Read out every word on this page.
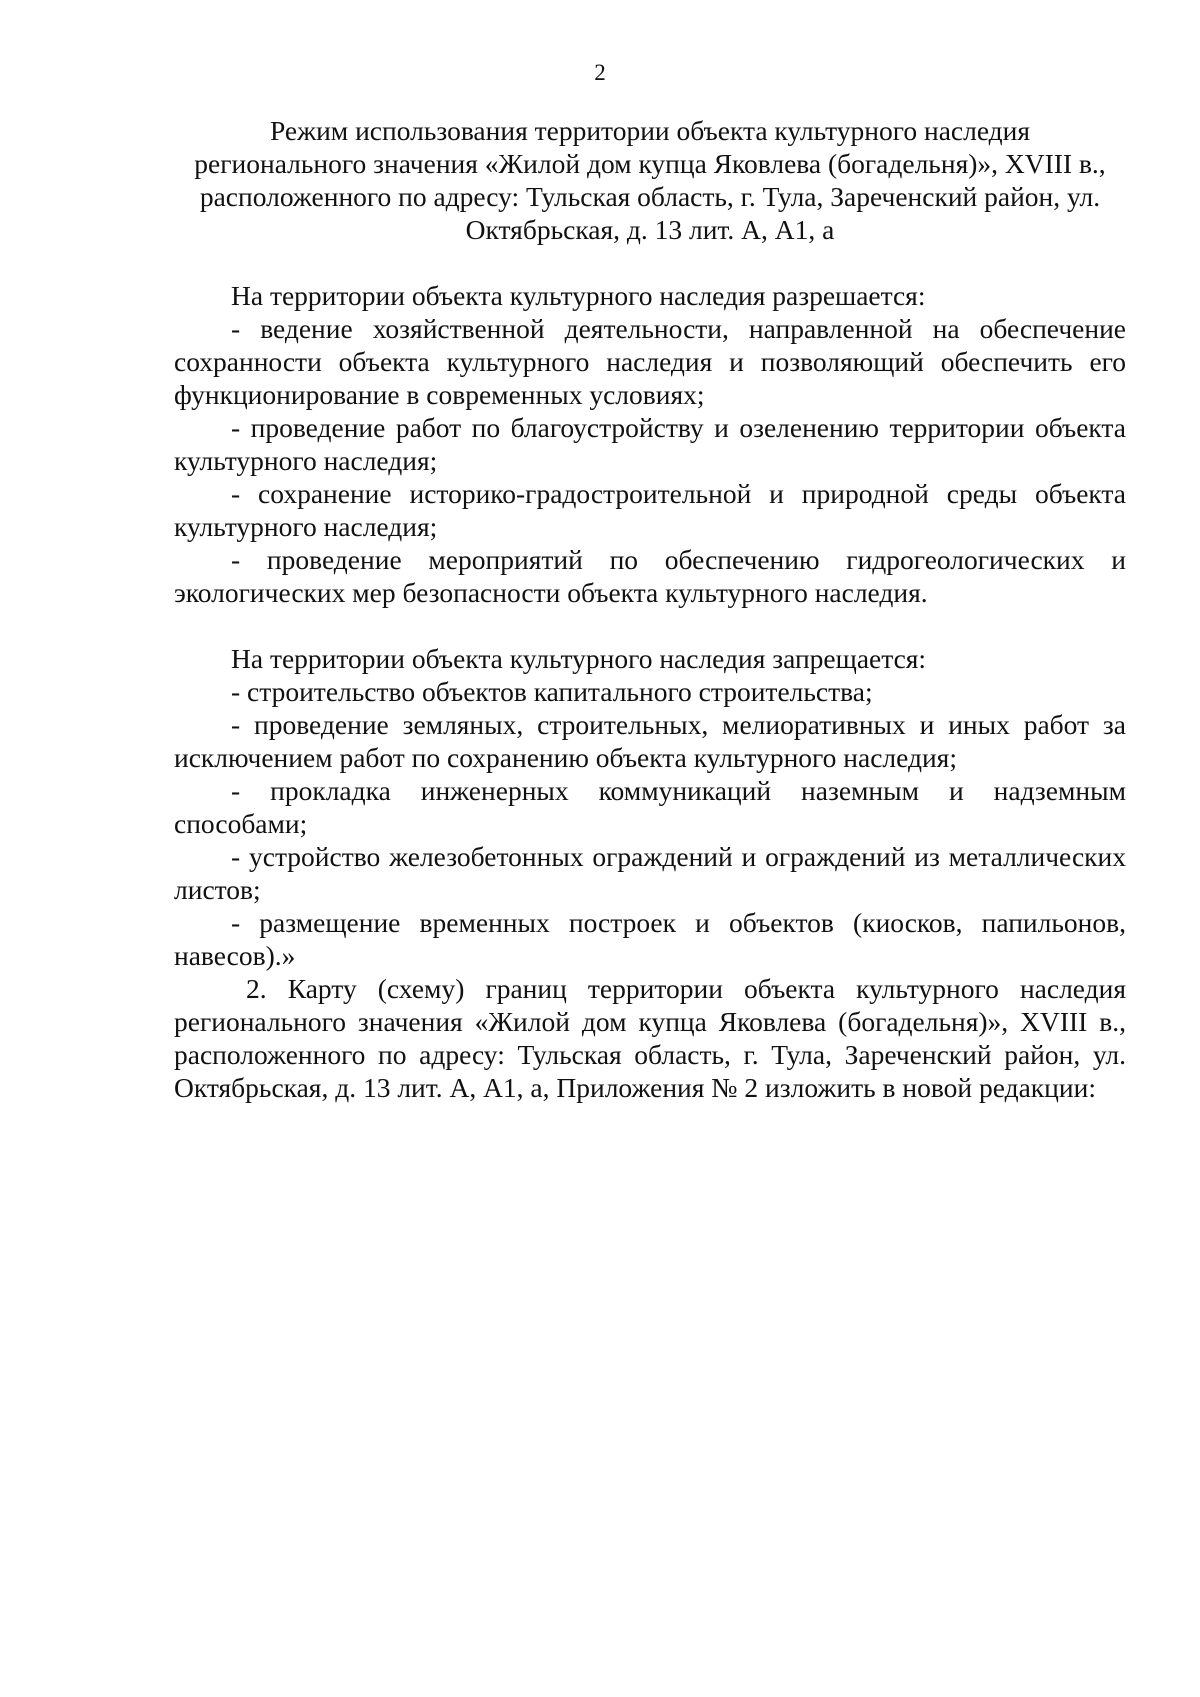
2
Режим использования территории объекта культурного наследия
регионального значения «Жилой дом купца Яковлева (богадельня)», XVIII в.,
расположенного по адресу: Тульская область, г. Тула, Зареченский район, ул.
Октябрьская, д. 13 лит. А, А1, а

На территории объекта культурного наследия разрешается:

- ведение хозяйственной деятельности, направленной на обеспечение сохранности объекта культурного наследия и позволяющий обеспечить его функционирование в современных условиях;

- проведение работ по благоустройству и озеленению территории объекта культурного наследия;

- сохранение историко-градостроительной и природной среды объекта культурного наследия;

- проведение мероприятий по обеспечению гидрогеологических и экологических мер безопасности объекта культурного наследия.

На территории объекта культурного наследия запрещается:

- строительство объектов капитального строительства;

- проведение земляных, строительных, мелиоративных и иных работ за исключением работ по сохранению объекта культурного наследия;

- прокладка инженерных коммуникаций наземным и надземным способами;

- устройство железобетонных ограждений и ограждений из металлических листов;

- размещение временных построек и объектов (киосков, папильонов, навесов).»

2. Карту (схему) границ территории объекта культурного наследия регионального значения «Жилой дом купца Яковлева (богадельня)», XVIII в., расположенного по адресу: Тульская область, г. Тула, Зареченский район, ул. Октябрьская, д. 13 лит. А, А1, а, Приложения № 2 изложить в новой редакции:
